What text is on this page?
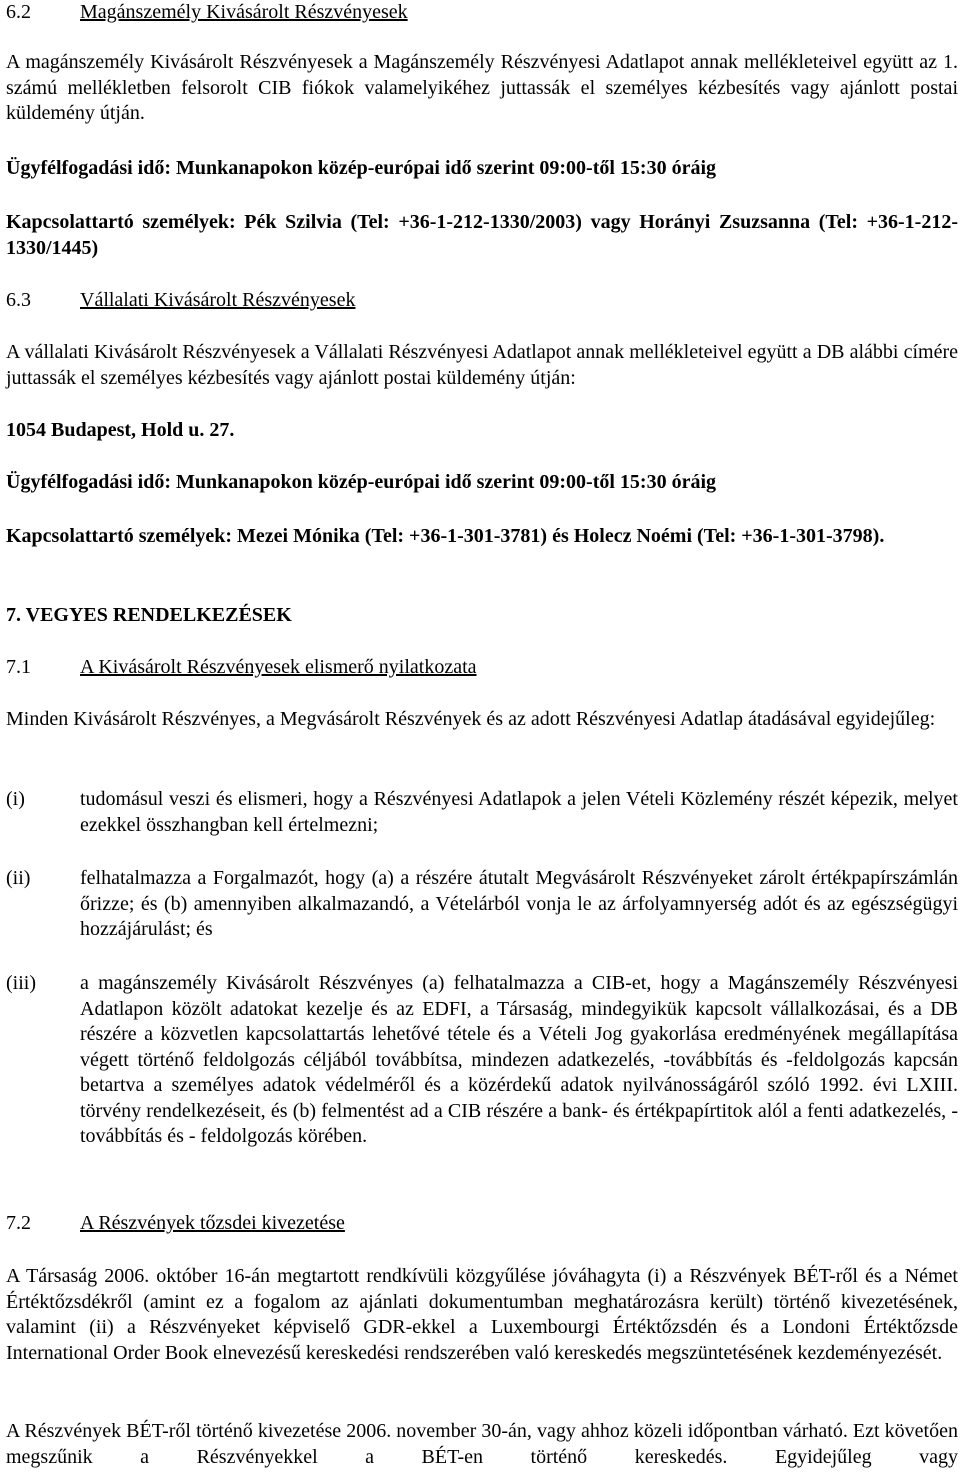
6.2 Magánszemély Kivásárolt Részvényesek

A magánszemély Kivásárolt Részvényesek a Magánszemély Részvényesi Adatlapot annak mellékleteivel együtt az 1. számú mellékletben felsorolt CIB fiókok valamelyikéhez juttassák el személyes kézbesítés vagy ajánlott postai küldemény útján.

Ügyfélfogadási idő: Munkanapokon közép-európai idő szerint 09:00-től 15:30 óráig

Kapcsolattartó személyek: Pék Szilvia (Tel: +36-1-212-1330/2003) vagy Horányi Zsuzsanna (Tel: +36-1-212-1330/1445)

6.3 Vállalati Kivásárolt Részvényesek

A vállalati Kivásárolt Részvényesek a Vállalati Részvényesi Adatlapot annak mellékleteivel együtt a DB alábbi címére juttassák el személyes kézbesítés vagy ajánlott postai küldemény útján:

1054 Budapest, Hold u. 27.

Ügyfélfogadási idő: Munkanapokon közép-európai idő szerint 09:00-től 15:30 óráig

Kapcsolattartó személyek: Mezei Mónika (Tel: +36-1-301-3781) és Holecz Noémi (Tel: +36-1-301-3798).

7. VEGYES RENDELKEZÉSEK

7.1 A Kivásárolt Részvényesek elismerő nyilatkozata

Minden Kivásárolt Részvényes, a Megvásárolt Részvények és az adott Részvényesi Adatlap átadásával egyidejűleg:

(i)	tudomásul veszi és elismeri, hogy a Részvényesi Adatlapok a jelen Vételi Közlemény részét képezik, melyet ezekkel összhangban kell értelmezni;
(ii) felhatalmazza a Forgalmazót, hogy (a) a részére átutalt Megvásárolt Részvényeket zárolt értékpapírszámlán őrizze; és (b) amennyiben alkalmazandó, a Vételárból vonja le az árfolyamnyerség adót és az egészségügyi hozzájárulást; és
(iii) a magánszemély Kivásárolt Részvényes (a) felhatalmazza a CIB-et, hogy a Magánszemély Részvényesi Adatlapon közölt adatokat kezelje és az EDFI, a Társaság, mindegyikük kapcsolt vállalkozásai, és a DB részére a közvetlen kapcsolattartás lehetővé tétele és a Vételi Jog gyakorlása eredményének megállapítása végett történő feldolgozás céljából továbbítsa, mindezen adatkezelés, -továbbítás és -feldolgozás kapcsán betartva a személyes adatok védelméről és a közérdekű adatok nyilvánosságáról szóló 1992. évi LXIII. törvény rendelkezéseit, és (b) felmentést ad a CIB részére a bank- és értékpapírtitok alól a fenti adatkezelés, - továbbítás és - feldolgozás körében.
7.2 A Részvények tőzsdei kivezetése

A Társaság 2006. október 16-án megtartott rendkívüli közgyűlése jóváhagyta (i) a Részvények BÉT-ről és a Német Értéktőzsdékről (amint ez a fogalom az ajánlati dokumentumban meghatározásra került) történő kivezetésének, valamint (ii) a Részvényeket képviselő GDR-ekkel a Luxembourgi Értéktőzsdén és a Londoni Értéktőzsde International Order Book elnevezésű kereskedési rendszerében való kereskedés megszüntetésének kezdeményezését.

A Részvények BÉT-ről történő kivezetése 2006. november 30-án, vagy ahhoz közeli időpontban várható. Ezt követően megszűnik a Részvényekkel a BÉT-en történő kereskedés. Egyidejűleg vagy
